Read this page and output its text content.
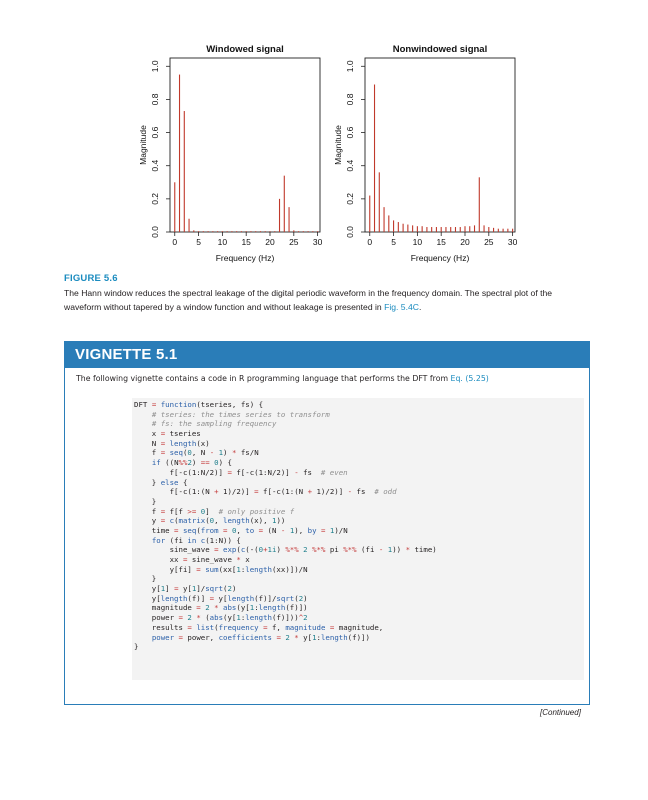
Windowed signal
0 5 10 15 20 25 30
0.0
0.2
0.4
0.6
0.8
1.0
Frequency (Hz)
Magnitude
Nonwindowed signal
0 5 10 15 20 25 30
0.0
0.2
0.4
0.6
0.8
1.0
Frequency (Hz)
Magnitude
FIGURE 5.6
The Hann window reduces the spectral leakage of the digital periodic waveform in the frequency domain. The spectral plot of the waveform without tapered by a window function and without leakage is presented in Fig. 5.4C.
VIGNETTE 5.1
The following vignette contains a code in R programming language that performs the DFT from Eq. (5.25)
DFT = function(tseries, fs) {
# tseries: the times series to transform
# fs: the sampling frequency
x = tseries
N = length(x)
f = seq(0, N - 1) * fs/N
if ((N%%2) == 0) {
f[-c(1:N/2)] = f[-c(1:N/2)] - fs  # even
} else {
f[-c(1:(N + 1)/2)] = f[-c(1:(N + 1)/2)] - fs  # odd
}
f = f[f >= 0]  # only positive f
y = c(matrix(0, length(x), 1))
time = seq(from = 0, to = (N - 1), by = 1)/N
for (fi in c(1:N)) {
sine_wave = exp(c(-(0+1i) %*% 2 %*% pi %*% (fi - 1)) * time)
xx = sine_wave * x
y[fi] = sum(xx[1:length(xx)])/N
}
y[1] = y[1]/sqrt(2)
y[length(f)] = y[length(f)]/sqrt(2)
magnitude = 2 * abs(y[1:length(f)])
power = 2 * (abs(y[1:length(f)]))^2
results = list(frequency = f, magnitude = magnitude,
power = power, coefficients = 2 * y[1:length(f)])
}
[Continued]
